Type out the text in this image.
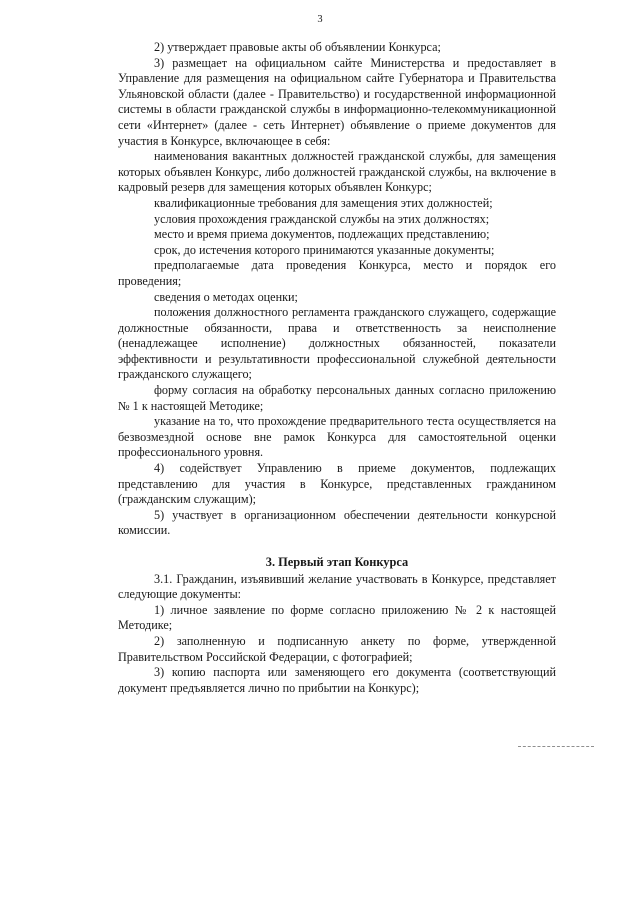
3

2) утверждает правовые акты об объявлении Конкурса;

3) размещает на официальном сайте Министерства и предоставляет в Управление для размещения на официальном сайте Губернатора и Правительства Ульяновской области (далее - Правительство) и государственной информационной системы в области гражданской службы в информационно-телекоммуникационной сети «Интернет» (далее - сеть Интернет) объявление о приеме документов для участия в Конкурсе, включающее в себя:

наименования вакантных должностей гражданской службы, для замещения которых объявлен Конкурс, либо должностей гражданской службы, на включение в кадровый резерв для замещения которых объявлен Конкурс;

квалификационные требования для замещения этих должностей;

условия прохождения гражданской службы на этих должностях;

место и время приема документов, подлежащих представлению;

срок, до истечения которого принимаются указанные документы;

предполагаемые дата проведения Конкурса, место и порядок его проведения;

сведения о методах оценки;

положения должностного регламента гражданского служащего, содержащие должностные обязанности, права и ответственность за неисполнение (ненадлежащее исполнение) должностных обязанностей, показатели эффективности и результативности профессиональной служебной деятельности гражданского служащего;

форму согласия на обработку персональных данных согласно приложению № 1 к настоящей Методике;

указание на то, что прохождение предварительного теста осуществляется на безвозмездной основе вне рамок Конкурса для самостоятельной оценки профессионального уровня.

4) содействует Управлению в приеме документов, подлежащих представлению для участия в Конкурсе, представленных гражданином (гражданским служащим);

5) участвует в организационном обеспечении деятельности конкурсной комиссии.

3. Первый этап Конкурса

3.1. Гражданин, изъявивший желание участвовать в Конкурсе, представляет следующие документы:

1) личное заявление по форме согласно приложению № 2 к настоящей Методике;

2) заполненную и подписанную анкету по форме, утвержденной Правительством Российской Федерации, с фотографией;

3) копию паспорта или заменяющего его документа (соответствующий документ предъявляется лично по прибытии на Конкурс);
